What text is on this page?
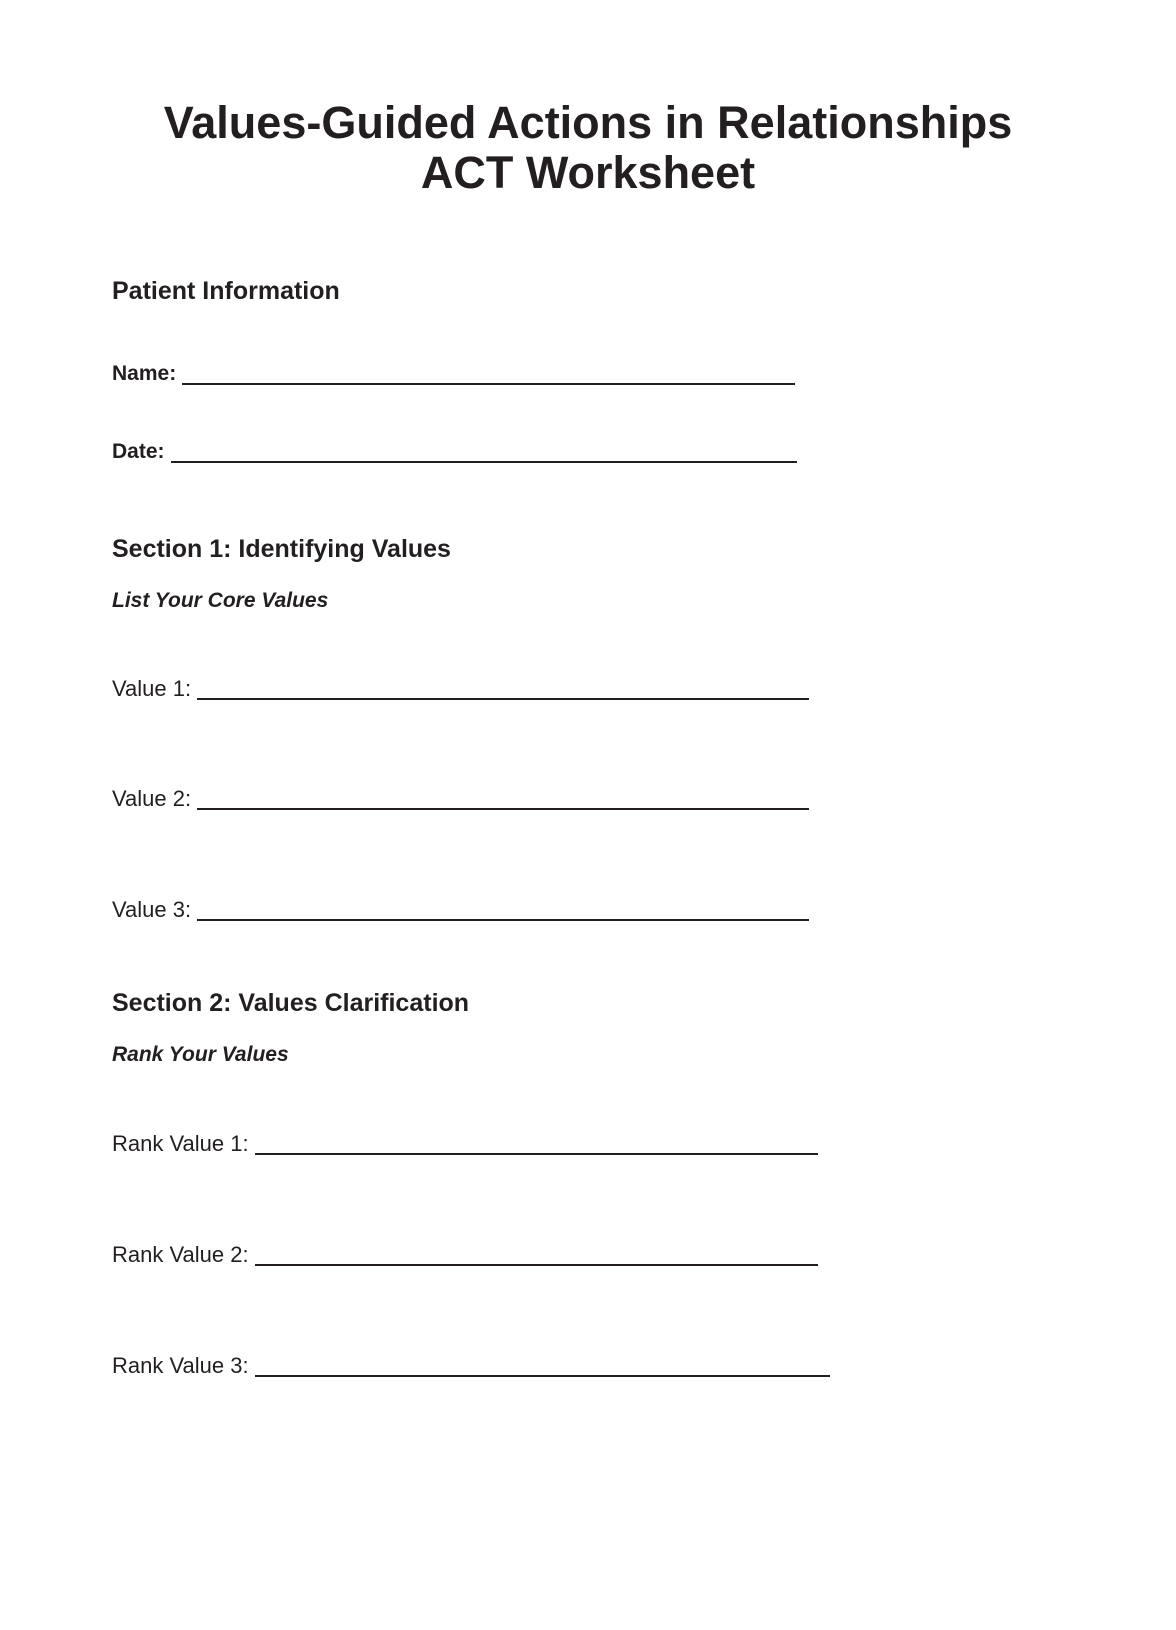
Values-Guided Actions in Relationships
ACT Worksheet
Patient Information
Name:
Date:
Section 1: Identifying Values
List Your Core Values
Value 1:
Value 2:
Value 3:
Section 2: Values Clarification
Rank Your Values
Rank Value 1:
Rank Value 2:
Rank Value 3:
